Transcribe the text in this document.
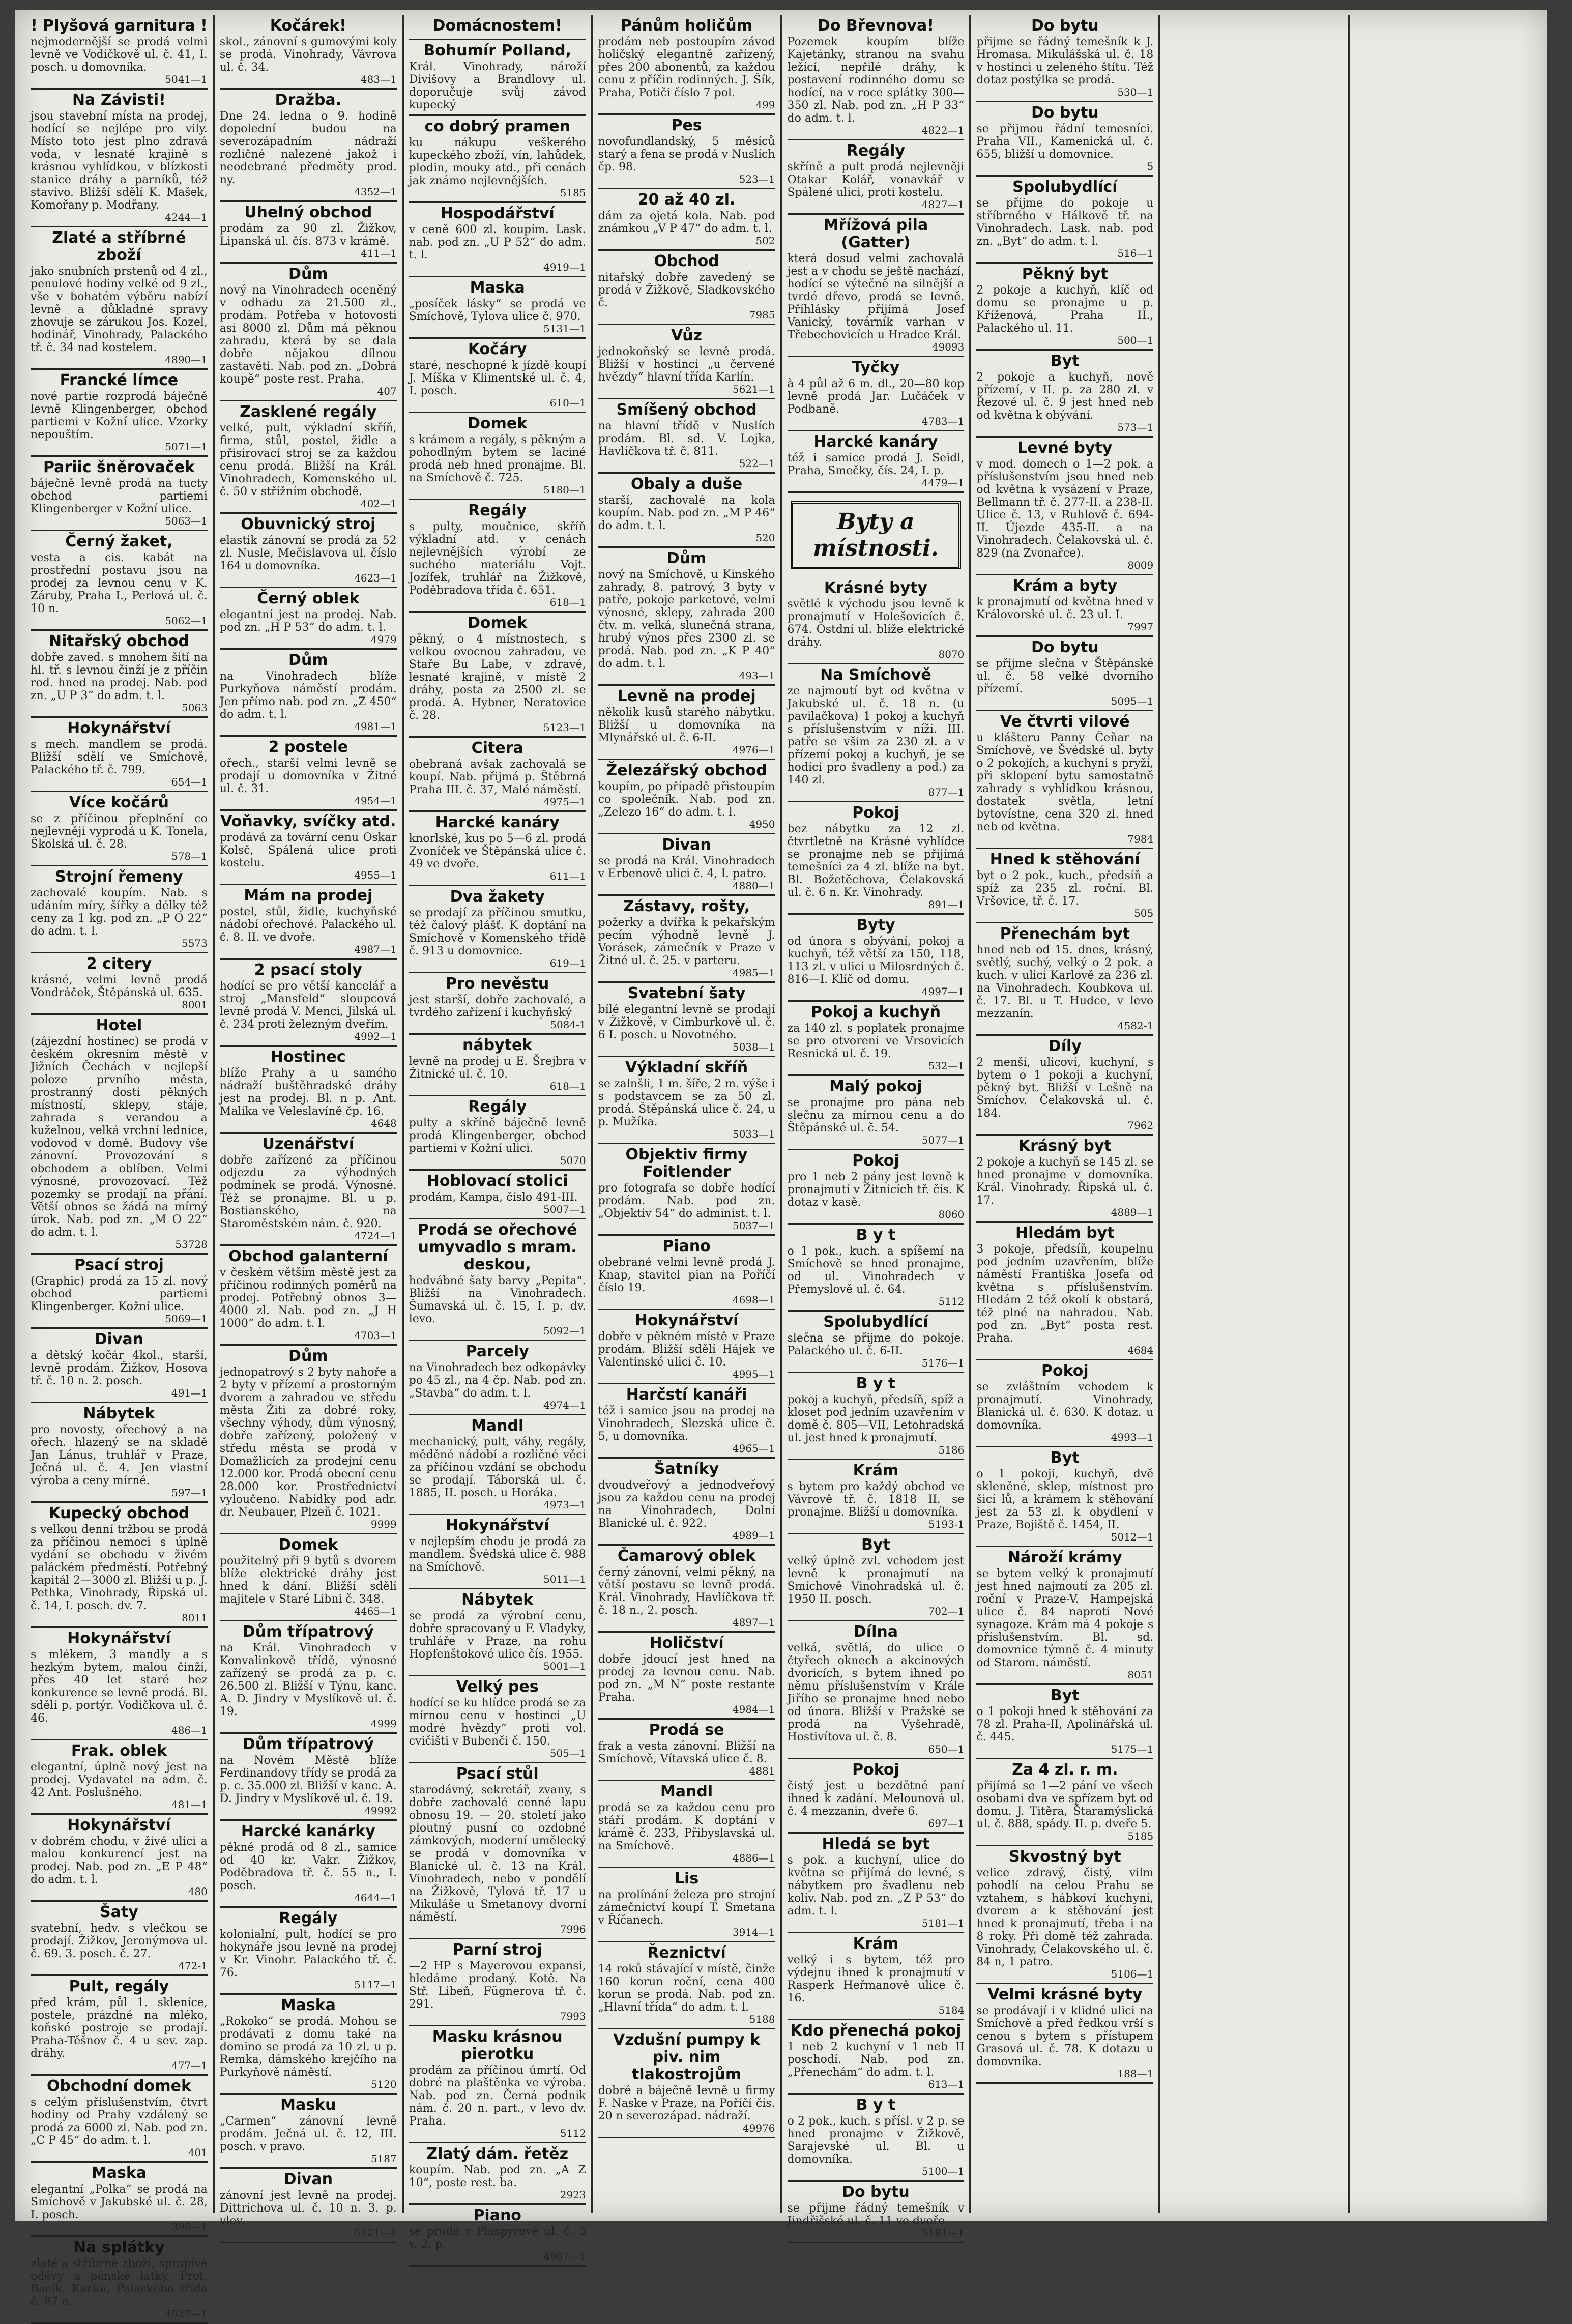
! Plyšová garnitura !

nejmodernější se prodá velmi levně ve Vodičkově ul. č. 41, I. posch. u domovníka.

5041—1
Na Závisti!

jsou stavební místa na prodej, hodící se nejlépe pro vily. Místo toto jest plno zdravá voda, v lesnaté krajině s krásnou vyhlídkou, v blízkosti stanice dráhy a parníků, též stavivo. Bližší sdělí K. Mašek, Komořany p. Modřany.

4244—1
Zlaté a stříbrné zboží

jako snubních prstenů od 4 zl., penulové hodiny velké od 9 zl., vše v bohatém výběru nabízí levně a důkladné spravy zhovuje se zárukou Jos. Kozel, hodinář, Vinohrady, Palackého tř. č. 34 nad kostelem.

4890—1
Francké límce

nové partie rozprodá báječně levně Klingenberger, obchod partiemi v Kožní ulice. Vzorky nepouštím.

5071—1
Pariic šněrovaček

báječně levně prodá na tucty obchod partiemi Klingenberger v Kožní ulice.

5063—1
Černý žaket,

vesta a cis. kabát na prostřední postavu jsou na prodej za levnou cenu v K. Záruby, Praha I., Perlová ul. č. 10 n.

5062—1
Nitařský obchod

dobře zaved. s mnohem šití na hl. tř. s levnou činží je z příčin rod. hned na prodej. Nab. pod zn. „U P 3“ do adm. t. l.

5063
Hokynářství

s mech. mandlem se prodá. Bližší sdělí ve Smíchově, Palackého tř. č. 799.

654—1
Více kočárů

se z příčinou přeplnění co nejlevněji vyprodá u K. Tonela, Školská ul. č. 28.

578—1
Strojní řemeny

zachovalé koupím. Nab. s udáním míry, šířky a délky též ceny za 1 kg. pod zn. „P O 22“ do adm. t. l.

5573
2 citery

krásné, velmi levně prodá Vondráček, Štěpánská ul. 635.

8001
Hotel

(zájezdní hostinec) se prodá v českém okresním městě v Jižních Čechách v nejlepší poloze prvního města, prostranný dosti pěkných místností, sklepy, stáje, zahrada s verandou a kuželnou, velká vrchní lednice, vodovod v domě. Budovy vše zánovní. Provozování s obchodem a oblíben. Velmi výnosné, provozovací. Též pozemky se prodají na přání. Větší obnos se žádá na mírný úrok. Nab. pod zn. „M O 22“ do adm. t. l.

53728
Psací stroj

(Graphic) prodá za 15 zl. nový obchod partiemi Klingenberger. Kožní ulice.

5069—1
Divan

a dětský kočár 4kol., starší, levně prodám. Žižkov, Hosova tř. č. 10 n. 2. posch.

491—1
Nábytek

pro novosty, ořechový a na ořech. hlazený se na skladě Jan Lánus, truhlář v Praze, Ječná ul. č. 4. Jen vlastní výroba a ceny mírné.

597—1
Kupecký obchod

s velkou denní tržbou se prodá za příčinou nemoci s úplně vydání se obchodu v živém paláckém předměstí. Potřebný kapitál 2—3000 zl. Bližší u p. J. Pethka, Vinohrady, Řipská ul. č. 14, I. posch. dv. 7.

8011
Hokynářství

s mlékem, 3 mandly a s hezkým bytem, malou činží, přes 40 let staré hez konkurence se levně prodá. Bl. sdělí p. portýr. Vodičkova ul. č. 46.

486—1
Frak. oblek

elegantní, úplně nový jest na prodej. Vydavatel na adm. č. 42 Ant. Poslušného.

481—1
Hokynářství

v dobrém chodu, v živé ulici a malou konkurencí jest na prodej. Nab. pod zn. „E P 48“ do adm. t. l.

480
Šaty

svatební, hedv. s vlečkou se prodají. Žižkov, Jeronýmova ul. č. 69. 3. posch. č. 27.

472-1
Pult, regály

před krám, půl 1. skleníce, postele, prázdné na mléko, koňské postroje se prodají. Praha-Těšnov č. 4 u sev. zap. dráhy.

477—1
Obchodní domek

s celým příslušenstvím, čtvrt hodiny od Prahy vzdálený se prodá za 6000 zl. Nab. pod zn. „C P 45“ do adm. t. l.

401
Maska

elegantní „Polka“ se prodá na Smíchově v Jakubské ul. č. 28, I. posch.

398—1
Na splátky

zlaté a stříbrné zboží, spropivé oděvy a pánské látky. Prot. Bacík, Karlín, Palackého třída č. 87 n.

4527—1
Kočárek!

skol., zánovní s gumovými koly se prodá. Vinohrady, Vávrova ul. č. 34.

483—1
Dražba.

Dne 24. ledna o 9. hodině dopolední budou na severozápadním nádraží rozličné nalezené jakož i neodebrané předměty prod. ny.

4352—1
Uhelný obchod

prodám za 90 zl. Žižkov, Lipanská ul. čís. 873 v krámě.

411—1
Dům

nový na Vinohradech oceněný v odhadu za 21.500 zl., prodám. Potřeba v hotovosti asi 8000 zl. Dům má pěknou zahradu, která by se dala dobře nějakou dílnou zastavěti. Nab. pod zn. „Dobrá koupě“ poste rest. Praha.

407
Zasklené regály

velké, pult, výkladní skříň, firma, stůl, postel, židle a přisirovací stroj se za každou cenu prodá. Bližší na Král. Vinohradech, Komenského ul. č. 50 v střížním obchodě.

402—1
Obuvnický stroj

elastik zánovní se prodá za 52 zl. Nusle, Mečislavova ul. číslo 164 u domovníka.

4623—1
Černý oblek

elegantní jest na prodej. Nab. pod zn. „H P 53“ do adm. t. l.

4979
Dům

na Vinohradech blíže Purkyňova náměstí prodám. Jen přímo nab. pod zn. „Z 450“ do adm. t. l.

4981—1
2 postele

ořech., starší velmi levně se prodají u domovníka v Žitné ul. č. 31.

4954—1
Voňavky, svíčky atd.

prodává za tovární cenu Oskar Kolsč, Spálená ulice proti kostelu.

4955—1
Mám na prodej

postel, stůl, židle, kuchyňské nádobí ořechové. Palackého ul. č. 8. II. ve dvoře.

4987—1
2 psací stoly

hodící se pro větší kancelář a stroj „Mansfeld“ sloupcová levně prodá V. Menci, Jilská ul. č. 234 proti železným dveřím.

4992—1
Hostinec

blíže Prahy a u samého nádraží buštěhradské dráhy jest na prodej. Bl. n p. Ant. Malika ve Veleslavíně čp. 16.

4648
Uzenářství

dobře zařízené za příčinou odjezdu za výhodných podmínek se prodá. Výnosné. Též se pronajme. Bl. u p. Bostianského, na Staroměstském nám. č. 920.

4724—1
Obchod galanterní

v českém větším městě jest za příčinou rodinných poměrů na prodej. Potřebný obnos 3—4000 zl. Nab. pod zn. „J H 1000“ do adm. t. l.

4703—1
Dům

jednopatrový s 2 byty nahoře a 2 byty v přízemí a prostorným dvorem a zahradou ve středu města Žiti za dobré roky, všechny výhody, dům výnosný, dobře zařízený, položený v středu města se prodá v Domažlicích za prodejní cenu 12.000 kor. Prodá obecní cenu 28.000 kor. Prostřednictví vyloučeno. Nabídky pod adr. dr. Neubauer, Plzeň č. 1021.

9999
Domek

použitelný při 9 bytů s dvorem blíže elektrické dráhy jest hned k dání. Bližší sdělí majitele v Staré Libni č. 348.

4465—1
Dům třípatrový

na Král. Vinohradech v Konvalinkově třídě, výnosné zařízený se prodá za p. c. 26.500 zl. Bližší v Týnu, kanc. A. D. Jindry v Myslíkově ul. č. 19.

4999
Dům třípatrový

na Novém Městě blíže Ferdinandovy třídy se prodá za p. c. 35.000 zl. Bližší v kanc. A. D. Jindry v Myslíkově ul. č. 19.

49992
Harcké kanárky

pěkné prodá od 8 zl., samice od 40 kr. Vakr. Žižkov, Poděbradova tř. č. 55 n., I. posch.

4644—1
Regály

kolonialní, pult, hodící se pro hokynáře jsou levně na prodej v Kr. Vinohr. Palackého tř. č. 76.

5117—1
Maska

„Rokoko“ se prodá. Mohou se prodávati z domu také na domino se prodá za 10 zl. u p. Remka, dámského krejčího na Purkyňově náměstí.

5120
Masku

„Carmen“ zánovní levně prodám. Ječná ul. č. 12, III. posch. v pravo.

5187
Divan

zánovní jest levně na prodej. Dittrichova ul. č. 10 n. 3. p. vlev.

5121—1
Domácnostem!
Bohumír Polland,

Král. Vinohrady, nároží Divišovy a Brandlovy ul. doporučuje svůj závod kupecký

co dobrý pramen

ku nákupu veškerého kupeckého zboží, vín, lahůdek, plodin, mouky atd., při cenách jak známo nejlevnějších.

5185
Hospodářství

v ceně 600 zl. koupím. Lask. nab. pod zn. „U P 52“ do adm. t. l.

4919—1
Maska

„posíček lásky“ se prodá ve Smíchově, Tylova ulice č. 970.

5131—1
Kočáry

staré, neschopné k jízdě koupí J. Míška v Klimentské ul. č. 4, I. posch.

610—1
Domek

s krámem a regály, s pěkným a pohodlným bytem se laciné prodá neb hned pronajme. Bl. na Smíchově č. 725.

5180—1
Regály

s pulty, moučnice, skříň výkladní atd. v cenách nejlevnějších výrobí ze suchého materiálu Vojt. Jozífek, truhlář na Žižkově, Poděbradova třída č. 651.

618—1
Domek

pěkný, o 4 místnostech, s velkou ovocnou zahradou, ve Staře Bu Labe, v zdravé, lesnaté krajině, v místě 2 dráhy, posta za 2500 zl. se prodá. A. Hybner, Neratovice č. 28.

5123—1
Citera

obebraná avšak zachovalá se koupí. Nab. přijmá p. Štěbrná Praha III. č. 37, Malé náměstí.

4975—1
Harcké kanáry

knorlské, kus po 5—6 zl. prodá Zvoníček ve Štěpánská ulice č. 49 ve dvoře.

611—1
Dva žakety

se prodají za příčinou smutku, též čalový plášť. K doptání na Smíchově v Komenského třídě č. 913 u domovnice.

619—1
Pro nevěstu

jest starší, dobře zachovalé, a tvrdého zařízení i kuchyňský

5084-1
nábytek

levně na prodej u E. Šrejbra v Žitnické ul. č. 10.

618—1
Regály

pulty a skříně báječně levně prodá Klingenberger, obchod partiemi v Kožní ulici.

5070
Hoblovací stolici

prodám, Kampa, číslo 491-III.

5007—1
Prodá se ořechové umyvadlo s mram. deskou,

hedvábné šaty barvy „Pepita“. Bližší na Vinohradech. Šumavská ul. č. 15, I. p. dv. levo.

5092—1
Parcely

na Vinohradech bez odkopávky po 45 zl., na 4 čp. Nab. pod zn. „Stavba“ do adm. t. l.

4974—1
Mandl

mechanický, pult, váhy, regály, měděné nádobí a rozličné věci za příčinou vzdání se obchodu se prodají. Táborská ul. č. 1885, II. posch. u Horáka.

4973—1
Hokynářství

v nejlepším chodu je prodá za mandlem. Švédská ulice č. 988 na Smíchově.

5011—1
Nábytek

se prodá za výrobní cenu, dobře spracovaný u F. Vladyky, truhláře v Praze, na rohu Hopfenštokové ulice čís. 1955.

5001—1
Velký pes

hodící se ku hlídce prodá se za mírnou cenu v hostinci „U modré hvězdy“ proti vol. cvičišti v Bubenči č. 150.

505—1
Psací stůl

starodávný, sekretář, zvany, s dobře zachovalé cenné lapu obnosu 19. — 20. století jako ploutný pusní co ozdobné zámkových, moderní umělecký se prodá v domovníka v Blanické ul. č. 13 na Král. Vinohradech, nebo v pondělí na Žižkově, Tylová tř. 17 u Mikuláše u Smetanovy dvorní náměstí.

7996
Parní stroj

—2 HP s Mayerovou expansi, hledáme prodaný. Kotě. Na Stř. Libeň, Fügnerova tř. č. 291.

7993
Masku krásnou pierotku

prodám za příčinou úmrtí. Od dobré na plaštěnka ve výroba. Nab. pod zn. Černá podnik nám. č. 20 n. part., v levo dv. Praha.

5112
Zlatý dám. řetěz

koupím. Nab. pod zn. „A Z 10“, poste rest. ba.

2923
Piano

se prodá v Plaspyrově ul. č. 5 v. 2. p.

4987—1
Pánům holičům

prodám neb postoupím závod holičský elegantně zařízený, přes 200 abonentů, za každou cenu z příčin rodinných. J. Šík, Praha, Potiči číslo 7 pol.

499
Pes

novofundlandský, 5 měsíců starý a fena se prodá v Nuslích čp. 98.

523—1
20 až 40 zl.

dám za ojetá kola. Nab. pod známkou „V P 47“ do adm. t. l.

502
Obchod

nitařský dobře zavedený se prodá v Žižkově, Sladkovského č.

7985
Vůz

jednokoňský se levně prodá. Bližší v hostinci „u červené hvězdy“ hlavní třída Karlín.

5621—1
Smíšený obchod

na hlavní třídě v Nuslích prodám. Bl. sd. V. Lojka, Havlíčkova tř. č. 811.

522—1
Obaly a duše

starší, zachovalé na kola koupím. Nab. pod zn. „M P 46“ do adm. t. l.

520
Dům

nový na Smíchově, u Kinského zahrady, 8. patrový, 3 byty v patře, pokoje parketové, velmi výnosné, sklepy, zahrada 200 čtv. m. velká, slunečná strana, hrubý výnos přes 2300 zl. se prodá. Nab. pod zn. „K P 40“ do adm. t. l.

493—1
Levně na prodej

několik kusů starého nábytku. Bližší u domovníka na Mlynářské ul. č. 6-II.

4976—1
Železářský obchod

koupím, po případě přistoupím co společník. Nab. pod zn. „Zelezo 16“ do adm. t. l.

4950
Divan

se prodá na Král. Vinohradech v Erbenově ulici č. 4, I. patro.

4880—1
Zástavy, rošty,

požerky a dvířka k pekařským pecím výhodně levně J. Vorásek, zámečník v Praze v Žitné ul. č. 25. v parteru.

4985—1
Svatební šaty

bílé elegantní levně se prodají v Žižkově, v Cimburkově ul. č. 6 I. posch. u Novotného.

5038—1
Výkladní skříň

se zalnšli, 1 m. šíře, 2 m. výše i s podstavcem se za 50 zl. prodá. Štěpánská ulice č. 24, u p. Mužíka.

5033—1
Objektiv firmy Foitlender

pro fotografa se dobře hodící prodám. Nab. pod zn. „Objektiv 54“ do administ. t. l.

5037—1
Piano

obebrané velmi levně prodá J. Knap, stavitel pian na Poříčí číslo 19.

4698—1
Hokynářství

dobře v pěkném místě v Praze prodám. Bližší sdělí Hájek ve Valentinské ulici č. 10.

4995—1
Harčstí kanáři

též i samice jsou na prodej na Vinohradech, Slezská ulice č. 5, u domovníka.

4965—1
Šatníky

dvoudveřový a jednodveřový jsou za každou cenu na prodej na Vinohradech, Dolní Blanické ul. č. 922.

4989—1
Čamarový oblek

černý zánovní, velmi pěkný, na větší postavu se levně prodá. Král. Vinohrady, Havlíčkova tř. č. 18 n., 2. posch.

4897—1
Holičství

dobře jdoucí jest hned na prodej za levnou cenu. Nab. pod zn. „M N“ poste restante Praha.

4984—1
Prodá se

frak a vesta zánovní. Bližší na Smíchově, Vítavská ulice č. 8.

4881
Mandl

prodá se za každou cenu pro stáří prodám. K doptání v krámě č. 233, Přibyslavská ul. na Smíchově.

4886—1
Lis

na prolínání železa pro strojní zámečnictví koupí T. Smetana v Říčanech.

3914—1
Řeznictví

14 roků stávající v místě, činže 160 korun roční, cena 400 korun se prodá. Nab. pod zn. „Hlavní třída“ do adm. t. l.

5188
Vzdušní pumpy k piv. nim tlakostrojům

dobré a báječně levně u firmy F. Naske v Praze, na Poříčí čís. 20 n severozápad. nádraží.

49976
Do Břevnova!

Pozemek koupím blíže Kajetánky, stranou na svahu ležící, nepřilé dráhy, k postavení rodinného domu se hodící, na v roce splátky 300—350 zl. Nab. pod zn. „H P 33“ do adm. t. l.

4822—1
Regály

skříně a pult prodá nejlevněji Otakar Kolář, vonavkář v Spálené ulici, proti kostelu.

4827—1
Mřížová pila (Gatter)

která dosud velmi zachovalá jest a v chodu se ještě nachází, hodící se výtečně na silnější a tvrdé dřevo, prodá se levně. Příhlásky přijímá Josef Vanický, továrník varhan v Třebechovicích u Hradce Král.

49093
Tyčky

à 4 půl až 6 m. dl., 20—80 kop levně prodá Jar. Lučáček v Podbaně.

4783—1
Harcké kanáry

též i samice prodá J. Seidl, Praha, Smečky, čís. 24, I. p.

4479—1
Byty a místnosti.
Krásné byty

světlé k východu jsou levně k pronajmutí v Holešovicích č. 674. Ostdní ul. blíže elektrické dráhy.

8070
Na Smíchově

ze najmoutí byt od května v Jakubské ul. č. 18 n. (u pavilačkova) 1 pokoj a kuchyň s příslušenstvím v níži. III. patře se všim za 230 zl. a v přízemí pokoj a kuchyň, je se hodící pro švadleny a pod.) za 140 zl.

877—1
Pokoj

bez nábytku za 12 zl. čtvrtletně na Krásné vyhlídce se pronajme neb se přijímá temešníci za 4 zl. blíže na byt. Bl. Božetěchova, Čelakovská ul. č. 6 n. Kr. Vinohrady.

891—1
Byty

od února s obývání, pokoj a kuchyň, též větší za 150, 118, 113 zl. v ulici u Milosrdných č. 816—I. Klíč od domu.

4997—1
Pokoj a kuchyň

za 140 zl. s poplatek pronajme se pro otvoreni ve Vrsovicích Resnická ul. č. 19.

532—1
Malý pokoj

se pronajme pro pána neb slečnu za mírnou cenu a do Štěpánské ul. č. 54.

5077—1
Pokoj

pro 1 neb 2 pány jest levně k pronajmutí v Žitnicích tř. čís. K dotaz v kasě.

8060
B y t

o 1 pok., kuch. a spíšemí na Smíchově se hned pronajme, od ul. Vinohradech v Přemyslově ul. č. 64.

5112
Spolubydlící

slečna se přijme do pokoje. Palackého ul. č. 6-II.

5176—1
B y t

pokoj a kuchyň, předsíň, spíž a kloset pod jedním uzavřením v domě č. 805—VII, Letohradská ul. jest hned k pronajmutí.

5186
Krám

s bytem pro každý obchod ve Vávrově tř. č. 1818 II. se pronajme. Bližší u domovníka.

5193-1
Byt

velký úplně zvl. vchodem jest levně k pronajmutí na Smíchově Vinohradská ul. č. 1950 II. posch.

702—1
Dílna

velká, světlá, do ulice o čtyřech oknech a akcinových dvoricích, s bytem ihned po němu příslušenstvím v Krále Jiřího se pronajme hned nebo od února. Bližší v Pražské se prodá na Vyšehradě, Hostivítova ul. č. 8.

650—1
Pokoj

čistý jest u bezdětné paní ihned k zadání. Melounová ul. č. 4 mezzanin, dveře 6.

697—1
Hledá se byt

s pok. a kuchyní, ulice do května se přijímá do levné, s nábytkem pro švadlenu neb kolív. Nab. pod zn. „Z P 53“ do adm. t. l.

5181—1
Krám

velký i s bytem, též pro výdejnu ihned k pronajmutí v Rasperk Heřmanově ulice č. 16.

5184
Kdo přenechá pokoj

1 neb 2 kuchyní v 1 neb II poschodí. Nab. pod zn. „Přenechám“ do adm. t. l.

613—1
B y t

o 2 pok., kuch. s přísl. v 2 p. se hned pronajme v Žižkově, Sarajevské ul. Bl. u domovníka.

5100—1
Do bytu

se přijme řádný temešník v Jindřišské ul. č. 11 ve dvoře.

5181—1
Do bytu

přijme se řádný temešník k J. Hromasa. Mikulášská ul. č. 18 v hostinci u zeleného štítu. Též dotaz postýlka se prodá.

530—1
Do bytu

se přijmou řádní temesníci. Praha VII., Kamenická ul. č. 655, bližší u domovnice.

5
Spolubydlící

se přijme do pokoje u stříbrného v Hálkově tř. na Vinohradech. Lask. nab. pod zn. „Byt“ do adm. t. l.

516—1
Pěkný byt

2 pokoje a kuchyň, klíč od domu se pronajme u p. Kříženová, Praha II., Palackého ul. 11.

500—1
Byt

2 pokoje a kuchyň, nově přízemí, v II. p. za 280 zl. v Řezové ul. č. 9 jest hned neb od května k obývání.

573—1
Levné byty

v mod. domech o 1—2 pok. a příslušenstvím jsou hned neb od května k vysázení v Praze, Bellmann tř. č. 277-II. a 238-II. Ulice č. 13, v Ruhlově č. 694-II. Újezde 435-II. a na Vinohradech. Čelakovská ul. č. 829 (na Zvonařce).

8009
Krám a byty

k pronajmutí od května hned v Královorské ul. č. 23 ul. I.

7997
Do bytu

se přijme slečna v Štěpánské ul. č. 58 velké dvorního přízemí.

5095—1
Ve čtvrti vilové

u klášteru Panny Čeňar na Smíchově, ve Švédské ul. byty o 2 pokojích, a kuchyni s pryží, při sklopení bytu samostatně zahrady s vyhlídkou krásnou, dostatek světla, letní bytovístne, cena 320 zl. hned neb od května.

7984
Hned k stěhování

byt o 2 pok., kuch., předsíň a spíž za 235 zl. roční. Bl. Vršovice, tř. č. 17.

505
Přenechám byt

hned neb od 15. dnes, krásný, světlý, suchý, velký o 2 pok. a kuch. v ulici Karlově za 236 zl. na Vinohradech. Koubkova ul. č. 17. Bl. u T. Hudce, v levo mezzanín.

4582-1
Díly

2 menší, ulicoví, kuchyní, s bytem o 1 pokoji a kuchyní, pěkný byt. Bližší v Lešně na Smíchov. Čelakovská ul. č. 184.

7962
Krásný byt

2 pokoje a kuchyň se 145 zl. se hned pronajme v domovníka. Král. Vinohrady. Řipská ul. č. 17.

4889—1
Hledám byt

3 pokoje, předsíň, koupelnu pod jedním uzavřením, blíže náměstí Františka Josefa od května s příslušenstvím. Hledám 2 též okolí k obstará, též plné na nahradou. Nab. pod zn. „Byt“ posta rest. Praha.

4684
Pokoj

se zvláštním vchodem k pronajmutí. Vinohrady, Blanická ul. č. 630. K dotaz. u domovníka.

4993—1
Byt

o 1 pokoji, kuchyň, dvě skleněné, sklep, místnost pro šicí lů, a krámem k stěhování jest za 53 zl. k obydlení v Praze, Bojiště č. 1454, II.

5012—1
Nároží krámy

se bytem velký k pronajmutí jest hned najmoutí za 205 zl. roční v Praze-V. Hampejská ulice č. 84 naproti Nové synagoze. Krám má 4 pokoje s příslušenstvím. Bl. sd. domovnice týmně č. 4 minuty od Starom. náměstí.

8051
Byt

o 1 pokoji hned k stěhování za 78 zl. Praha-II, Apolinářská ul. č. 445.

5175—1
Za 4 zl. r. m.

přijímá se 1—2 pání ve všech osobami dva ve spřízem byt od domu. J. Titěra, Štaramýslická ul. č. 888, spády. II. p. dveře 5.

5185
Skvostný byt

velice zdravý, čistý, vilm pohodlí na celou Prahu se vztahem, s hábkoví kuchyní, dvorem a k stěhování jest hned k pronajmutí, třeba i na 8 roky. Při domě též zahrada. Vinohrady, Čelakovského ul. č. 84 n, 1 patro.

5106—1
Velmi krásné byty

se prodávají i v klidné ulici na Smíchově a před ředkou vrší s cenou s bytem s přístupem Grasová ul. č. 78. K dotazu u domovníka.

188—1
